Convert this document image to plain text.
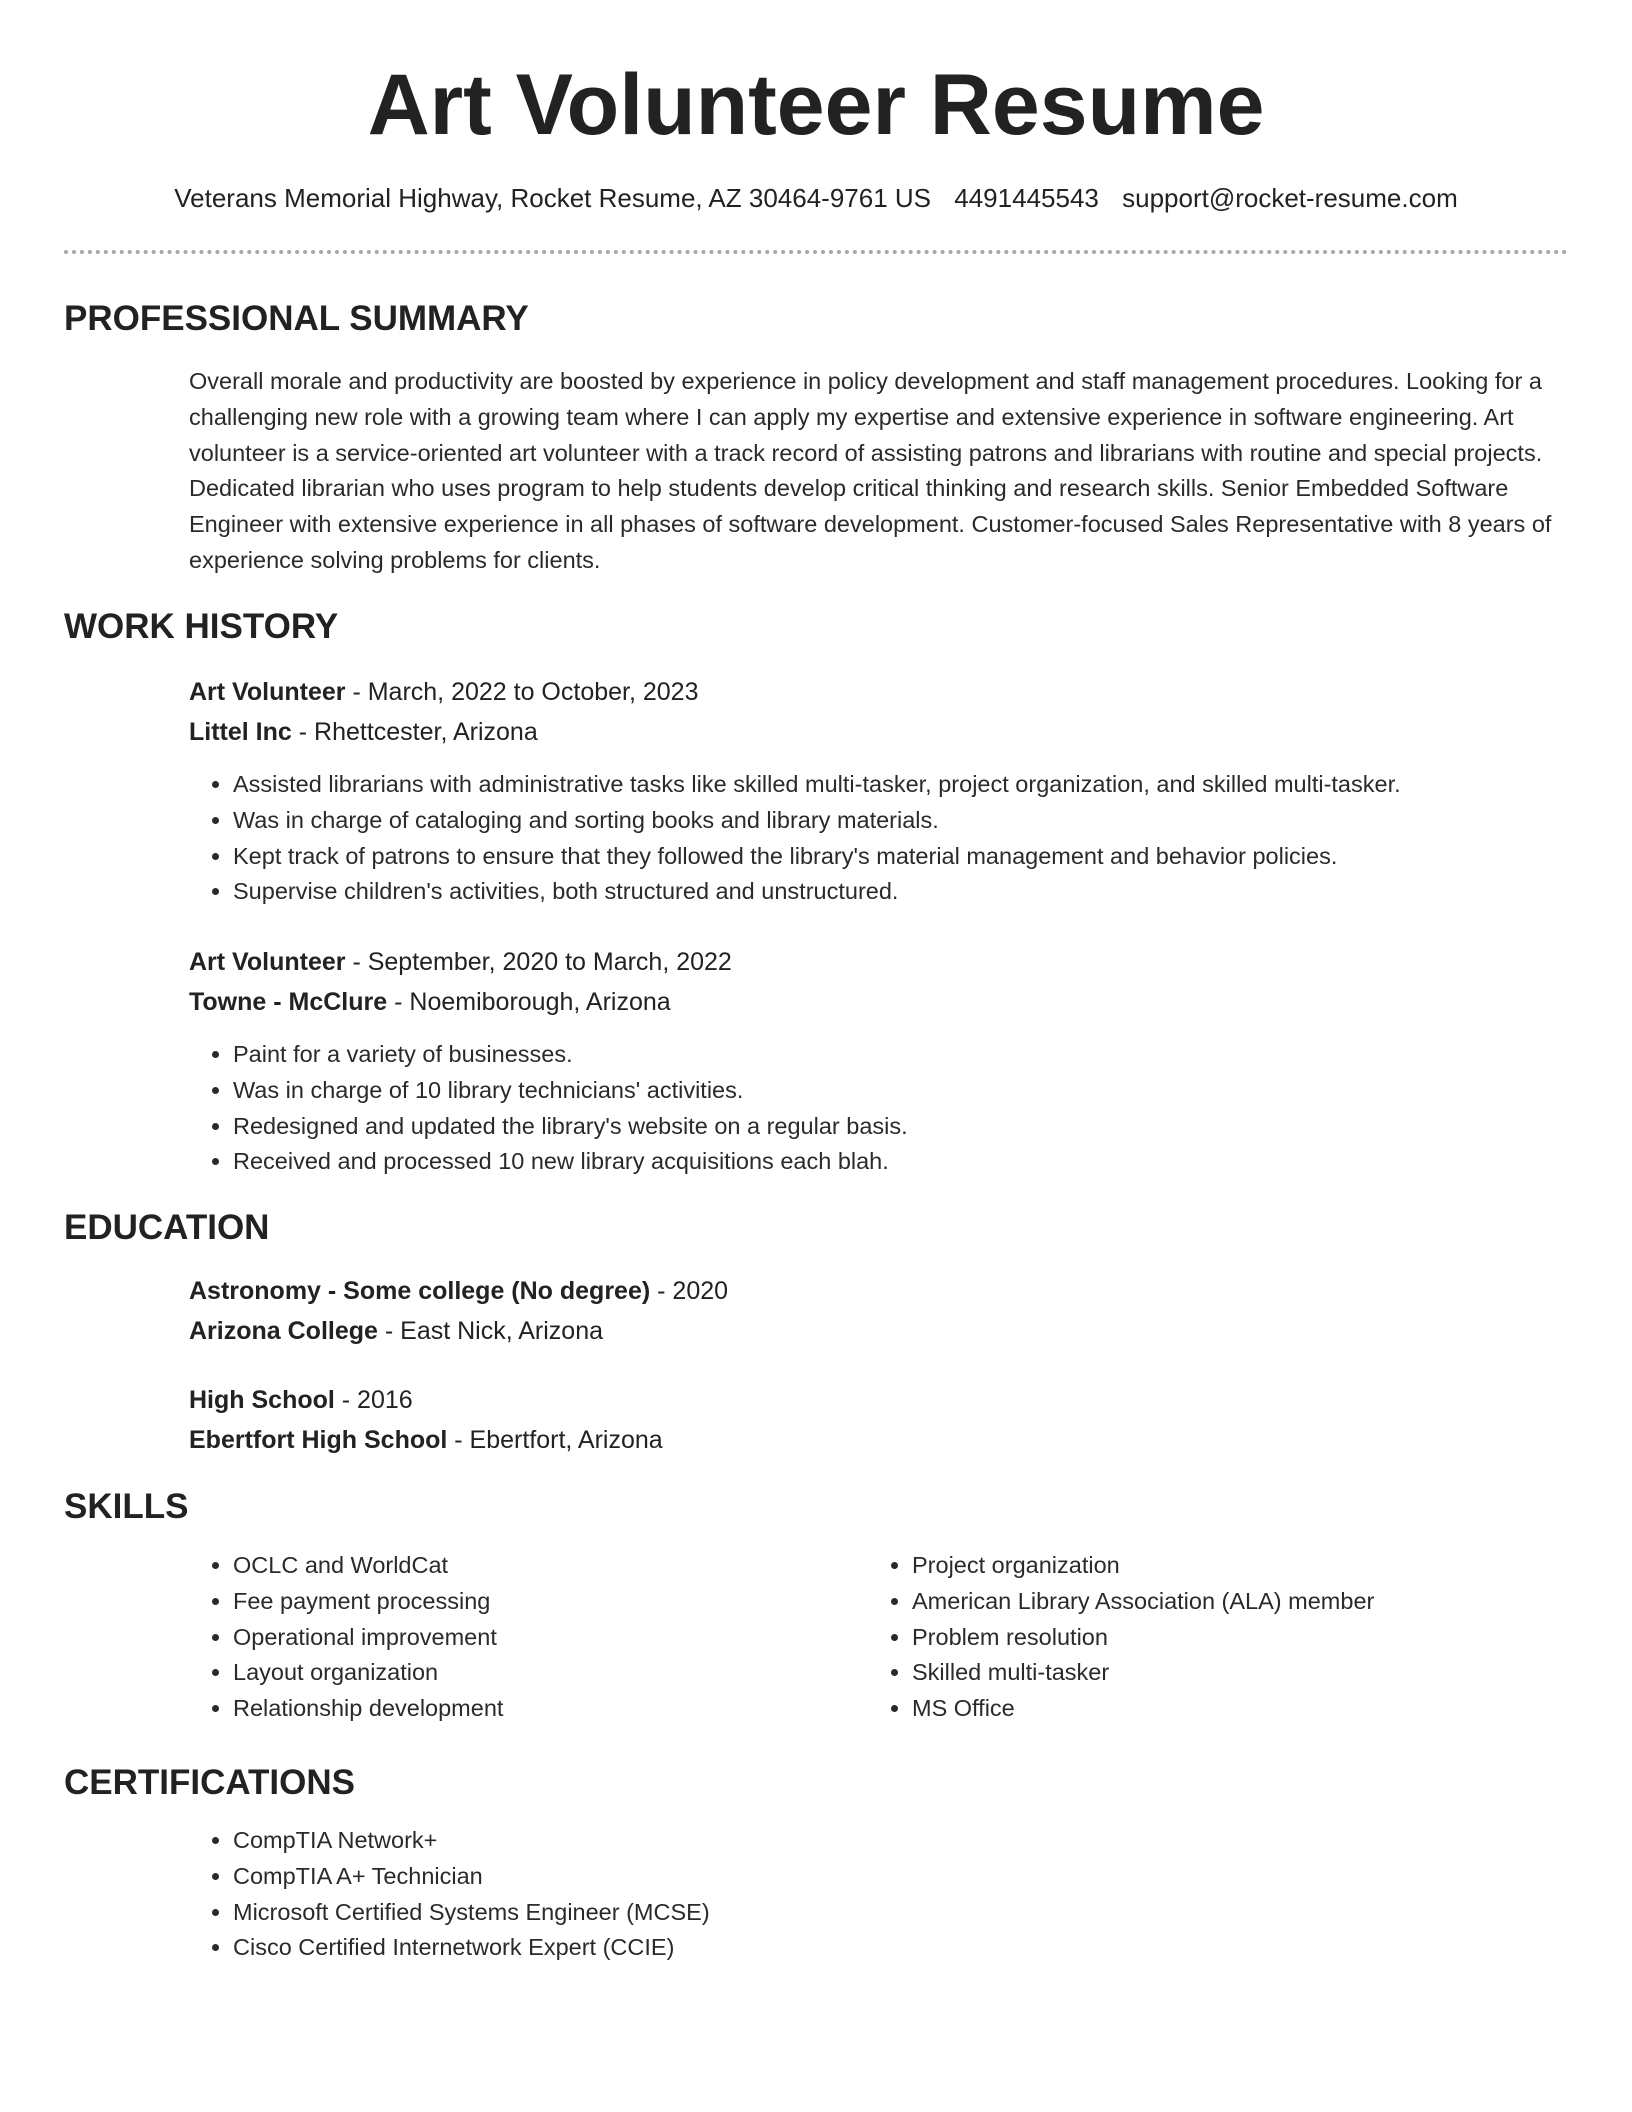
Art Volunteer Resume
Veterans Memorial Highway, Rocket Resume, AZ 30464-9761 US 4491445543 support@rocket-resume.com
PROFESSIONAL SUMMARY

Overall morale and productivity are boosted by experience in policy development and staff management procedures. Looking for a challenging new role with a growing team where I can apply my expertise and extensive experience in software engineering. Art volunteer is a service-oriented art volunteer with a track record of assisting patrons and librarians with routine and special projects. Dedicated librarian who uses program to help students develop critical thinking and research skills. Senior Embedded Software Engineer with extensive experience in all phases of software development. Customer-focused Sales Representative with 8 years of experience solving problems for clients.

WORK HISTORY
Art Volunteer - March, 2022 to October, 2023
Littel Inc - Rhettcester, Arizona
• Assisted librarians with administrative tasks like skilled multi-tasker, project organization, and skilled multi-tasker.
• Was in charge of cataloging and sorting books and library materials.
• Kept track of patrons to ensure that they followed the library's material management and behavior policies.
• Supervise children's activities, both structured and unstructured.
Art Volunteer - September, 2020 to March, 2022
Towne - McClure - Noemiborough, Arizona
• Paint for a variety of businesses.
• Was in charge of 10 library technicians' activities.
• Redesigned and updated the library's website on a regular basis.
• Received and processed 10 new library acquisitions each blah.
EDUCATION
Astronomy - Some college (No degree) - 2020
Arizona College - East Nick, Arizona
High School - 2016
Ebertfort High School - Ebertfort, Arizona
SKILLS
• OCLC and WorldCat
• Fee payment processing
• Operational improvement
• Layout organization
• Relationship development
• Project organization
• American Library Association (ALA) member
• Problem resolution
• Skilled multi-tasker
• MS Office
CERTIFICATIONS
• CompTIA Network+
• CompTIA A+ Technician
• Microsoft Certified Systems Engineer (MCSE)
• Cisco Certified Internetwork Expert (CCIE)
